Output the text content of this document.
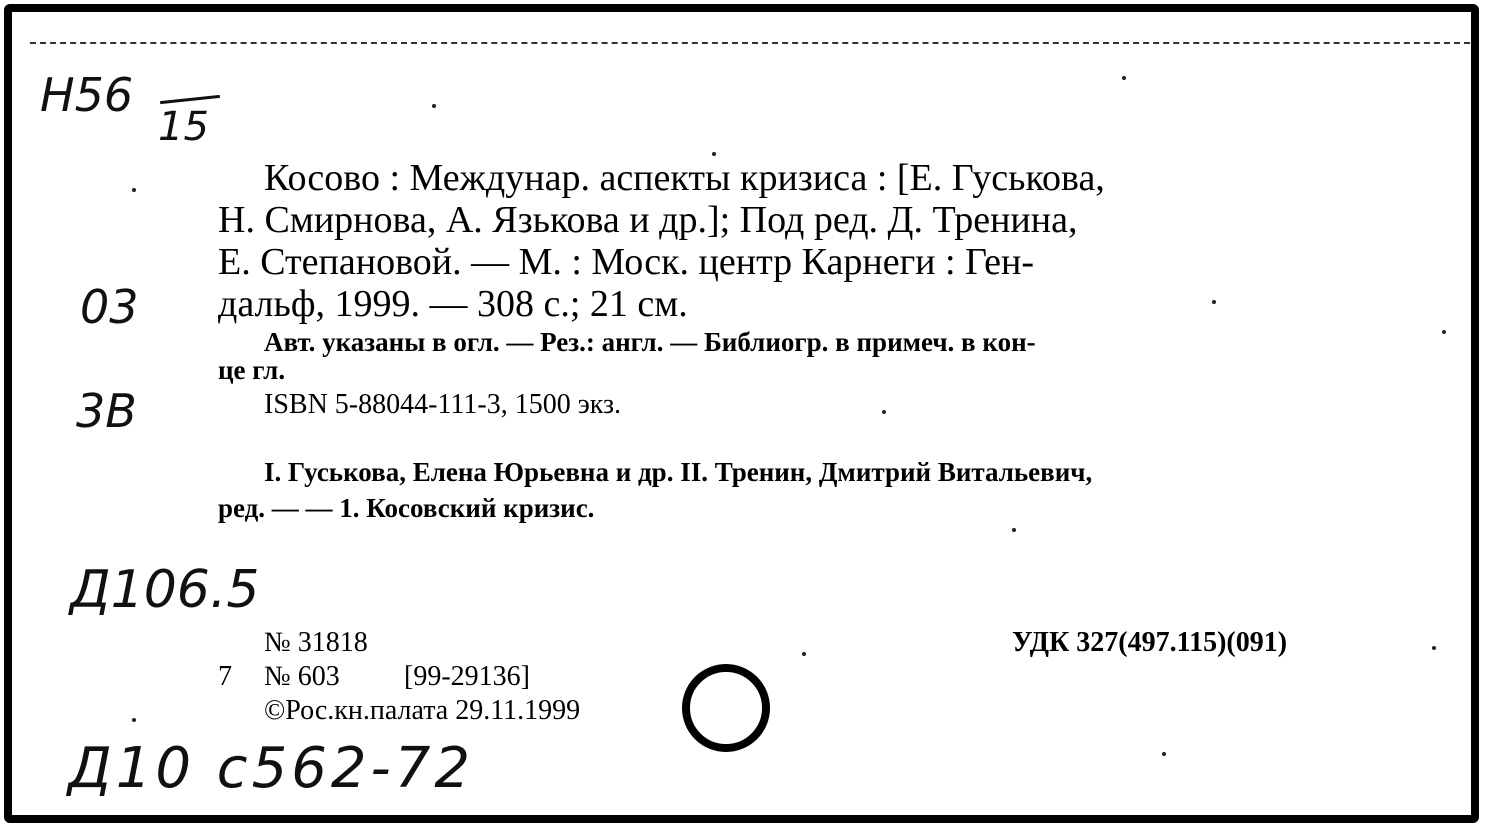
Н56
15
03
3В
Д106.5
Д10 с562-72
Косово : Междунар. аспекты кризиса : [Е. Гуськова,
Н. Смирнова, А. Язькова и др.]; Под ред. Д. Тренина,
Е. Степановой. — М. : Моск. центр Карнеги : Ген-
дальф, 1999. — 308 с.; 21 см.
Авт. указаны в огл. — Рез.: англ. — Библиогр. в примеч. в кон-
це гл.
ISBN 5-88044-111-3, 1500 экз.
I. Гуськова, Елена Юрьевна и др. II. Тренин, Дмитрий Витальевич,
ред. — — 1. Косовский кризис.
№ 31818	УДК 327(497.115)(091)
7 № 603 [99-29136]
©Рос.кн.палата 29.11.1999
